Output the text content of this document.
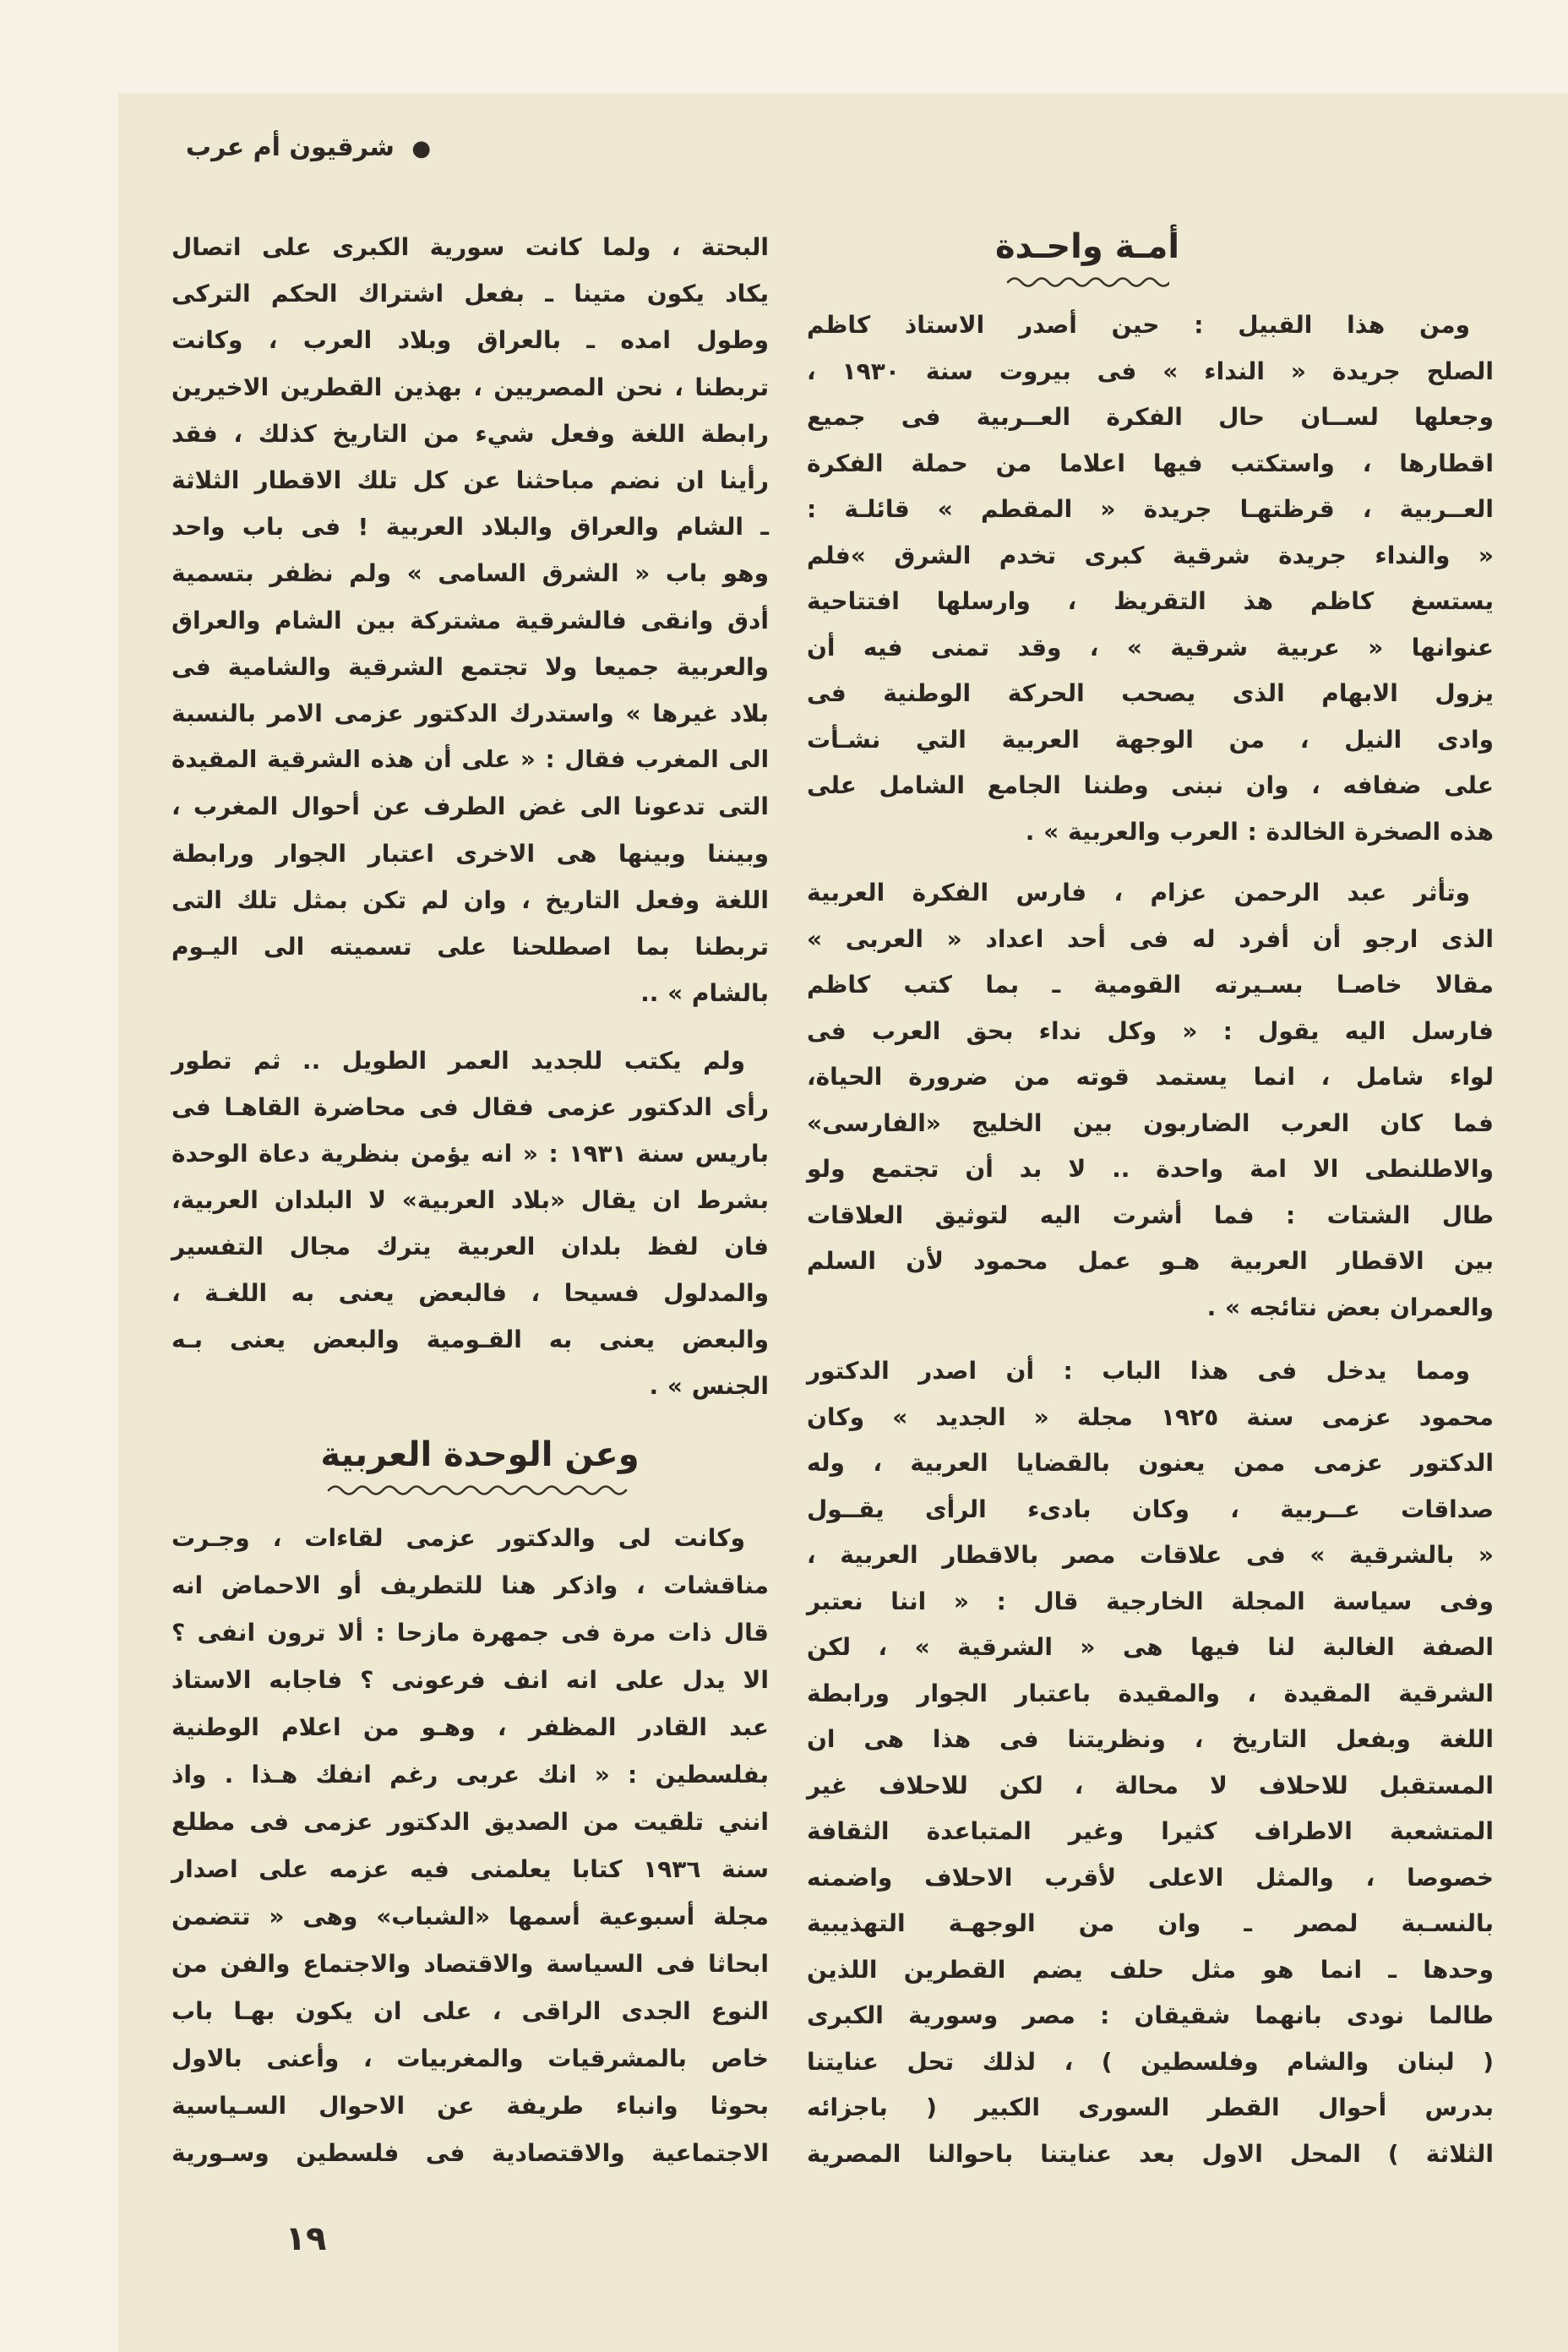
● شرقيون أم عرب
أمـة واحـدة
ومن هذا القبيل : حين أصدر الاستاذ كاظم
الصلح جريدة « النداء » فى بيروت سنة ١٩٣٠ ،
وجعلها لســان حال الفكرة العــربية فى جميع
اقطارها ، واستكتب فيها اعلاما من حملة الفكرة
العــربية ، قرظتهـا جريدة « المقطم » قائلـة :
« والنداء جريدة شرقية كبرى تخدم الشرق »فلم
يستسغ كاظم هذ التقريظ ، وارسلها افتتاحية
عنوانها « عربية شرقية » ، وقد تمنى فيه أن
يزول الابهام الذى يصحب الحركة الوطنية فى
وادى النيل ، من الوجهة العربية التي نشـأت
على ضفافه ، وان نبنى وطننا الجامع الشامل على
هذه الصخرة الخالدة : العرب والعربية » .
وتأثر عبد الرحمن عزام ، فارس الفكرة العربية
الذى ارجو أن أفرد له فى أحد اعداد « العربى »
مقالا خاصـا بسـيرته القومية ـ بما كتب كاظم
فارسل اليه يقول : « وكل نداء بحق العرب فى
لواء شامل ، انما يستمد قوته من ضرورة الحياة،
فما كان العرب الضاربون بين الخليج «الفارسى»
والاطلنطى الا امة واحدة .. لا بد أن تجتمع ولو
طال الشتات : فما أشرت اليه لتوثيق العلاقات
بين الاقطار العربية هـو عمل محمود لأن السلم
والعمران بعض نتائجه » .
ومما يدخل فى هذا الباب : أن اصدر الدكتور
محمود عزمى سنة ١٩٢٥ مجلة « الجديد » وكان
الدكتور عزمى ممن يعنون بالقضايا العربية ، وله
صداقات عــربية ، وكان بادىء الرأى يقــول
« بالشرقية » فى علاقات مصر بالاقطار العربية ،
وفى سياسة المجلة الخارجية قال : « اننا نعتبر
الصفة الغالبة لنا فيها هى « الشرقية » ، لكن
الشرقية المقيدة ، والمقيدة باعتبار الجوار ورابطة
اللغة وبفعل التاريخ ، ونظريتنا فى هذا هى ان
المستقبل للاحلاف لا محالة ، لكن للاحلاف غير
المتشعبة الاطراف كثيرا وغير المتباعدة الثقافة
خصوصا ، والمثل الاعلى لأقرب الاحلاف واضمنه
بالنسـبة لمصر ـ وان من الوجهـة التهذيبية
وحدها ـ انما هو مثل حلف يضم القطرين اللذين
طالما نودى بانهما شقيقان : مصر وسورية الكبرى
( لبنان والشام وفلسطين ) ، لذلك تحل عنايتنا
بدرس أحوال القطر السورى الكبير ( باجزائه
الثلاثة ) المحل الاول بعد عنايتنا باحوالنا المصرية
البحتة ، ولما كانت سورية الكبرى على اتصال
يكاد يكون متينا ـ بفعل اشتراك الحكم التركى
وطول امده ـ بالعراق وبلاد العرب ، وكانت
تربطنا ، نحن المصريين ، بهذين القطرين الاخيرين
رابطة اللغة وفعل شيء من التاريخ كذلك ، فقد
رأينا ان نضم مباحثنا عن كل تلك الاقطار الثلاثة
ـ الشام والعراق والبلاد العربية ! فى باب واحد
وهو باب « الشرق السامى » ولم نظفر بتسمية
أدق وانقى فالشرقية مشتركة بين الشام والعراق
والعربية جميعا ولا تجتمع الشرقية والشامية فى
بلاد غيرها » واستدرك الدكتور عزمى الامر بالنسبة
الى المغرب فقال : « على أن هذه الشرقية المقيدة
التى تدعونا الى غض الطرف عن أحوال المغرب ،
وبيننا وبينها هى الاخرى اعتبار الجوار ورابطة
اللغة وفعل التاريخ ، وان لم تكن بمثل تلك التى
تربطنا بما اصطلحنا على تسميته الى اليـوم
بالشام » ..
ولم يكتب للجديد العمر الطويل .. ثم تطور
رأى الدكتور عزمى فقال فى محاضرة القاهـا فى
باريس سنة ١٩٣١ : « انه يؤمن بنظرية دعاة الوحدة
بشرط ان يقال «بلاد العربية» لا البلدان العربية،
فان لفظ بلدان العربية يترك مجال التفسير
والمدلول فسيحا ، فالبعض يعنى به اللغـة ،
والبعض يعنى به القـومية والبعض يعنى بـه
الجنس » .
وعن الوحدة العربية
وكانت لى والدكتور عزمى لقاءات ، وجـرت
مناقشات ، واذكر هنا للتطريف أو الاحماض انه
قال ذات مرة فى جمهرة مازحا : ألا ترون انفى ؟
الا يدل على انه انف فرعونى ؟ فاجابه الاستاذ
عبد القادر المظفر ، وهـو من اعلام الوطنية
بفلسطين : « انك عربى رغم انفك هـذا . واذ
انني تلقيت من الصديق الدكتور عزمى فى مطلع
سنة ١٩٣٦ كتابا يعلمنى فيه عزمه على اصدار
مجلة أسبوعية أسمها «الشباب» وهى « تتضمن
ابحاثا فى السياسة والاقتصاد والاجتماع والفن من
النوع الجدى الراقى ، على ان يكون بهـا باب
خاص بالمشرقيات والمغربيات ، وأعنى بالاول
بحوثا وانباء طريفة عن الاحوال السـياسية
الاجتماعية والاقتصادية فى فلسطين وسـورية
١٩
